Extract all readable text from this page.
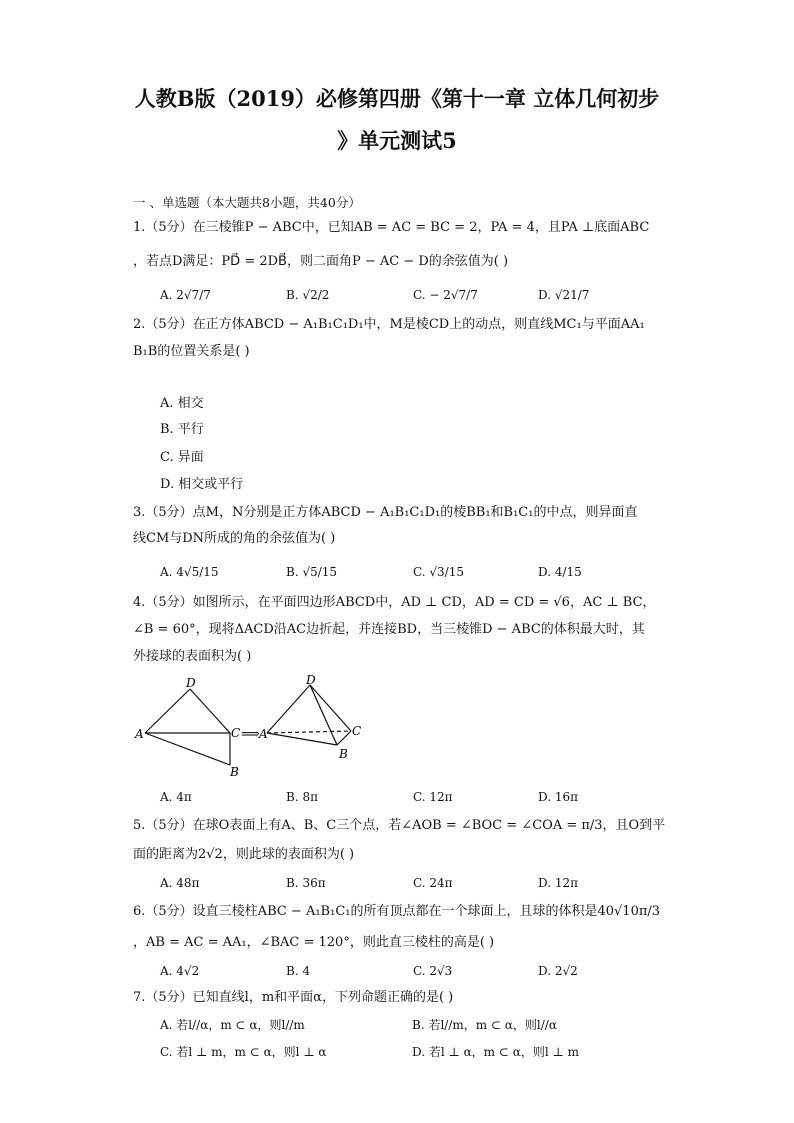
人教B版（2019）必修第四册《第十一章 立体几何初步
》单元测试5
一 、单选题（本大题共8小题，共40分）
1.（5分）在三棱锥P − ABC中，已知AB = AC = BC = 2，PA = 4，且PA ⊥底面ABC
，若点D满足：PD⃗ = 2DB⃗，则二面角P − AC − D的余弦值为( )
A. 2√7/7	B. √2/2	C. − 2√7/7	D. √21/7
2.（5分）在正方体ABCD − A₁B₁C₁D₁中，M是棱CD上的动点，则直线MC₁与平面AA₁
B₁B的位置关系是( )
A. 相交
B. 平行
C. 异面
D. 相交或平行
3.（5分）点M，N分别是正方体ABCD − A₁B₁C₁D₁的棱BB₁和B₁C₁的中点，则异面直
线CM与DN所成的角的余弦值为( )
A. 4√5/15	B. √5/15	C. √3/15	D. 4/15
4.（5分）如图所示，在平面四边形ABCD中，AD ⊥ CD，AD = CD = √6，AC ⊥ BC，
∠B = 60°，现将ΔACD沿AC边折起，并连接BD，当三棱锥D − ABC的体积最大时，其
外接球的表面积为( )
A
D
B
C ⟹ A
D
B
C
A. 4π	B. 8π	C. 12π	D. 16π
5.（5分）在球O表面上有A、B、C三个点，若∠AOB = ∠BOC = ∠COA = π/3，且O到平
面的距离为2√2，则此球的表面积为( )
A. 48π	B. 36π	C. 24π	D. 12π
6.（5分）设直三棱柱ABC − A₁B₁C₁的所有顶点都在一个球面上，且球的体积是40√10π/3
，AB = AC = AA₁，∠BAC = 120°，则此直三棱柱的高是( )
A. 4√2	B. 4	C. 2√3	D. 2√2
7.（5分）已知直线l，m和平面α，下列命题正确的是( )
A. 若l//α，m ⊂ α，则l//m	B. 若l//m，m ⊂ α，则l//α
C. 若l ⊥ m，m ⊂ α，则l ⊥ α	D. 若l ⊥ α，m ⊂ α，则l ⊥ m
